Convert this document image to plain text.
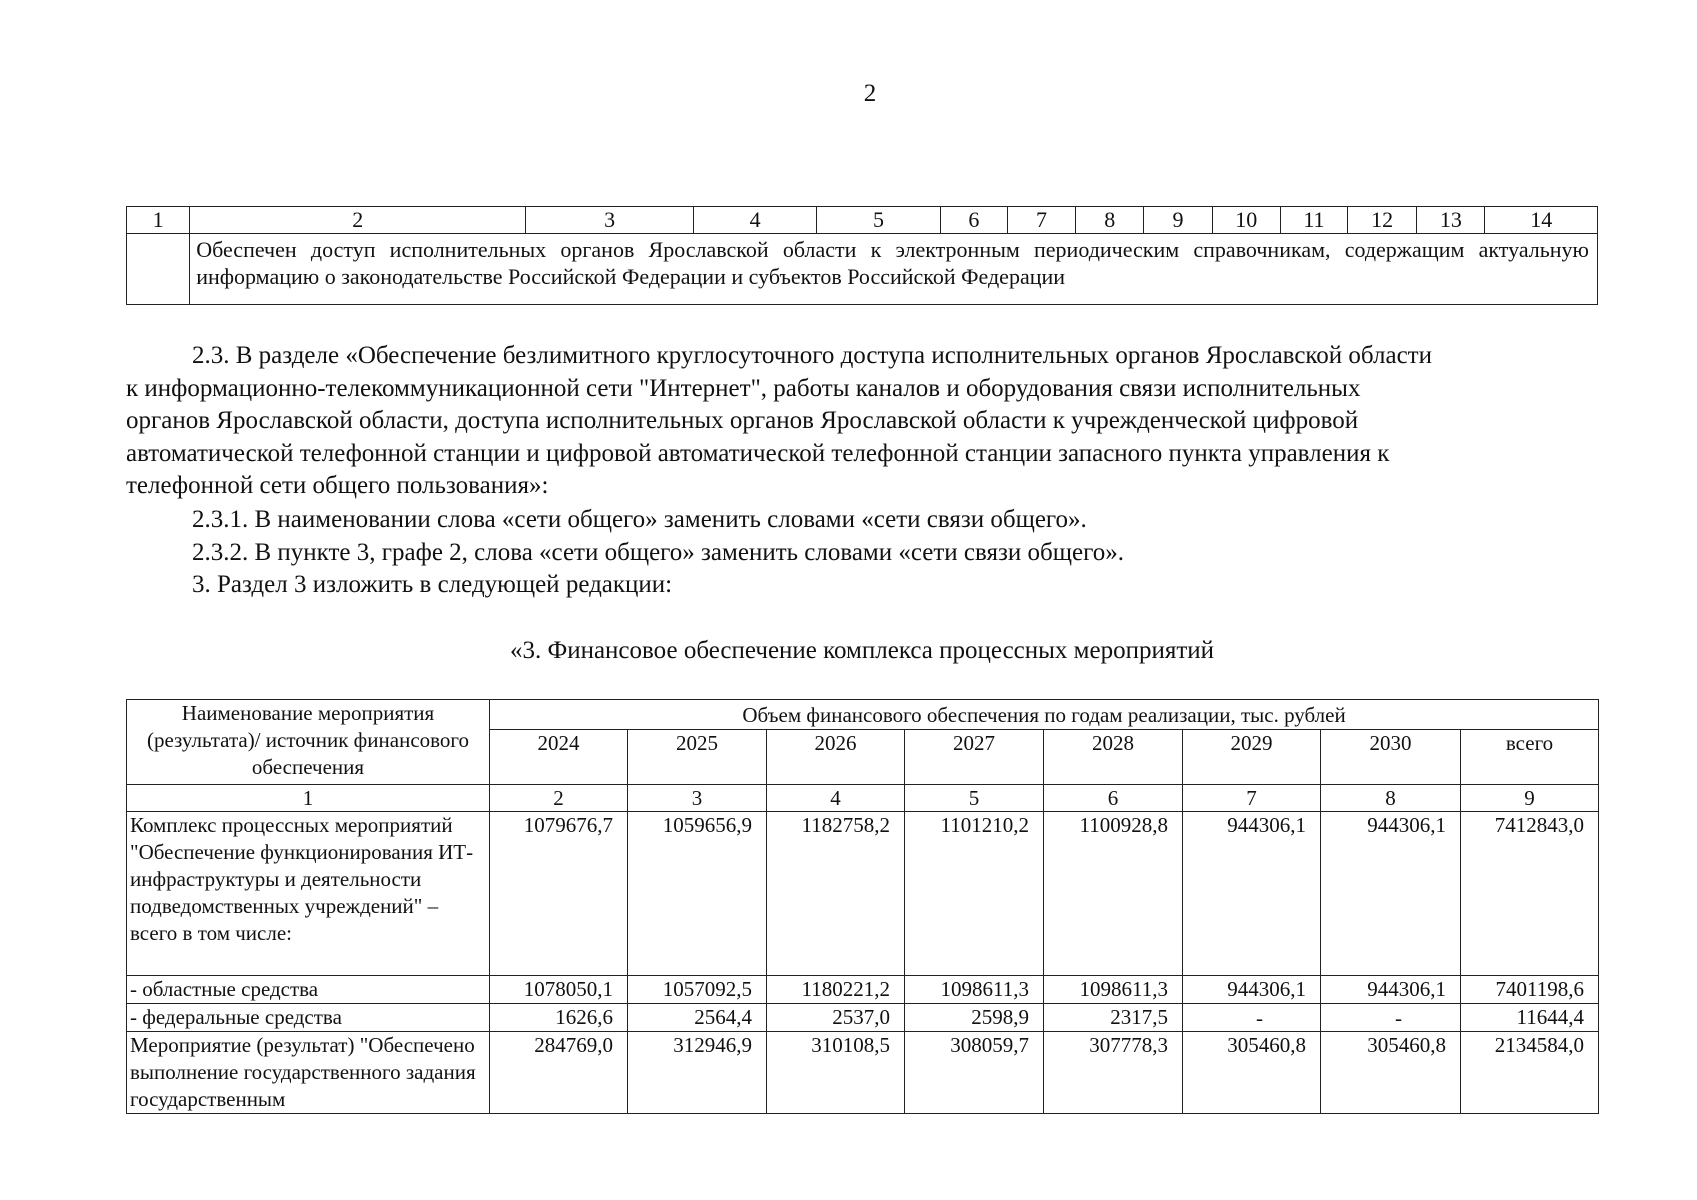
2
1	2	3	4	5	6	7	8	9	10	11	12	13	14
	Обеспечен доступ исполнительных органов Ярославской области к электронным периодическим справочникам, содержащим актуальную информацию о законодательстве Российской Федерации и субъектов Российской Федерации												
2.3. В разделе «Обеспечение безлимитного круглосуточного доступа исполнительных органов Ярославской области
к информационно-телекоммуникационной сети "Интернет", работы каналов и оборудования связи исполнительных
органов Ярославской области, доступа исполнительных органов Ярославской области к учрежденческой цифровой
автоматической телефонной станции и цифровой автоматической телефонной станции запасного пункта управления к
телефонной сети общего пользования»:
2.3.1. В наименовании слова «сети общего» заменить словами «сети связи общего».
2.3.2. В пункте 3, графе 2, слова «сети общего» заменить словами «сети связи общего».
3. Раздел 3 изложить в следующей редакции:
«3. Финансовое обеспечение комплекса процессных мероприятий
Наименование мероприятия (результата)/ источник финансового обеспечения	Объем финансового обеспечения по годам реализации, тыс. рублей							
	2024	2025	2026	2027	2028	2029	2030	всего
1	2	3	4	5	6	7	8	9
Комплекс процессных мероприятий "Обеспечение функционирования ИТ-инфраструктуры и деятельности подведомственных учреждений" – всего в том числе:	1079676,7	1059656,9	1182758,2	1101210,2	1100928,8	944306,1	944306,1	7412843,0
- областные средства	1078050,1	1057092,5	1180221,2	1098611,3	1098611,3	944306,1	944306,1	7401198,6
- федеральные средства	1626,6	2564,4	2537,0	2598,9	2317,5	-	-	11644,4
Мероприятие (результат) "Обеспечено выполнение государственного задания государственным	284769,0	312946,9	310108,5	308059,7	307778,3	305460,8	305460,8	2134584,0
